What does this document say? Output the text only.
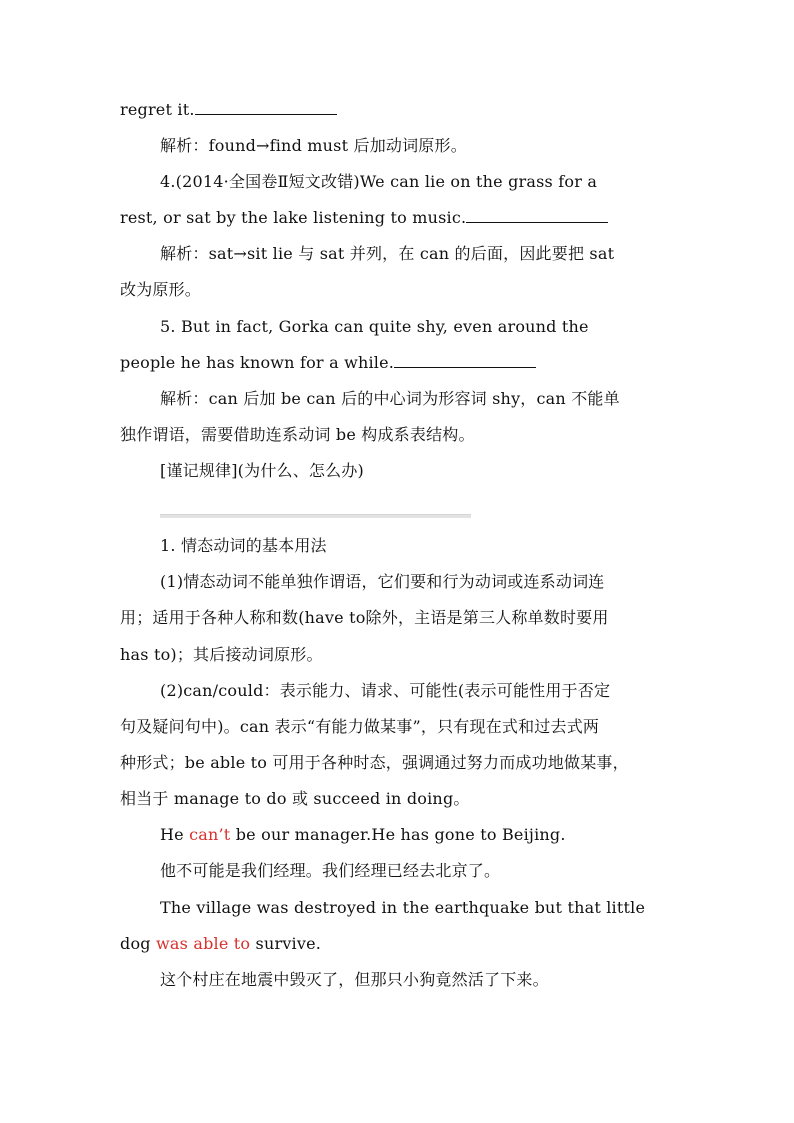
regret it.
解析：found→find must 后加动词原形。
4.(2014·全国卷Ⅱ短文改错)We can lie on the grass for a
rest, or sat by the lake listening to music.
解析：sat→sit lie 与 sat 并列，在 can 的后面，因此要把 sat
改为原形。
5. But in fact, Gorka can quite shy, even around the
people he has known for a while.
解析：can 后加 be can 后的中心词为形容词 shy，can 不能单
独作谓语，需要借助连系动词 be 构成系表结构。
[谨记规律](为什么、怎么办)
1. 情态动词的基本用法
(1)情态动词不能单独作谓语，它们要和行为动词或连系动词连
用；适用于各种人称和数(have to除外，主语是第三人称单数时要用
has to)；其后接动词原形。
(2)can/could：表示能力、请求、可能性(表示可能性用于否定
句及疑问句中)。can 表示“有能力做某事”，只有现在式和过去式两
种形式；be able to 可用于各种时态，强调通过努力而成功地做某事，
相当于 manage to do 或 succeed in doing。
He can’t be our manager.He has gone to Beijing.
他不可能是我们经理。我们经理已经去北京了。
The village was destroyed in the earthquake but that little
dog was able to survive.
这个村庄在地震中毁灭了，但那只小狗竟然活了下来。
